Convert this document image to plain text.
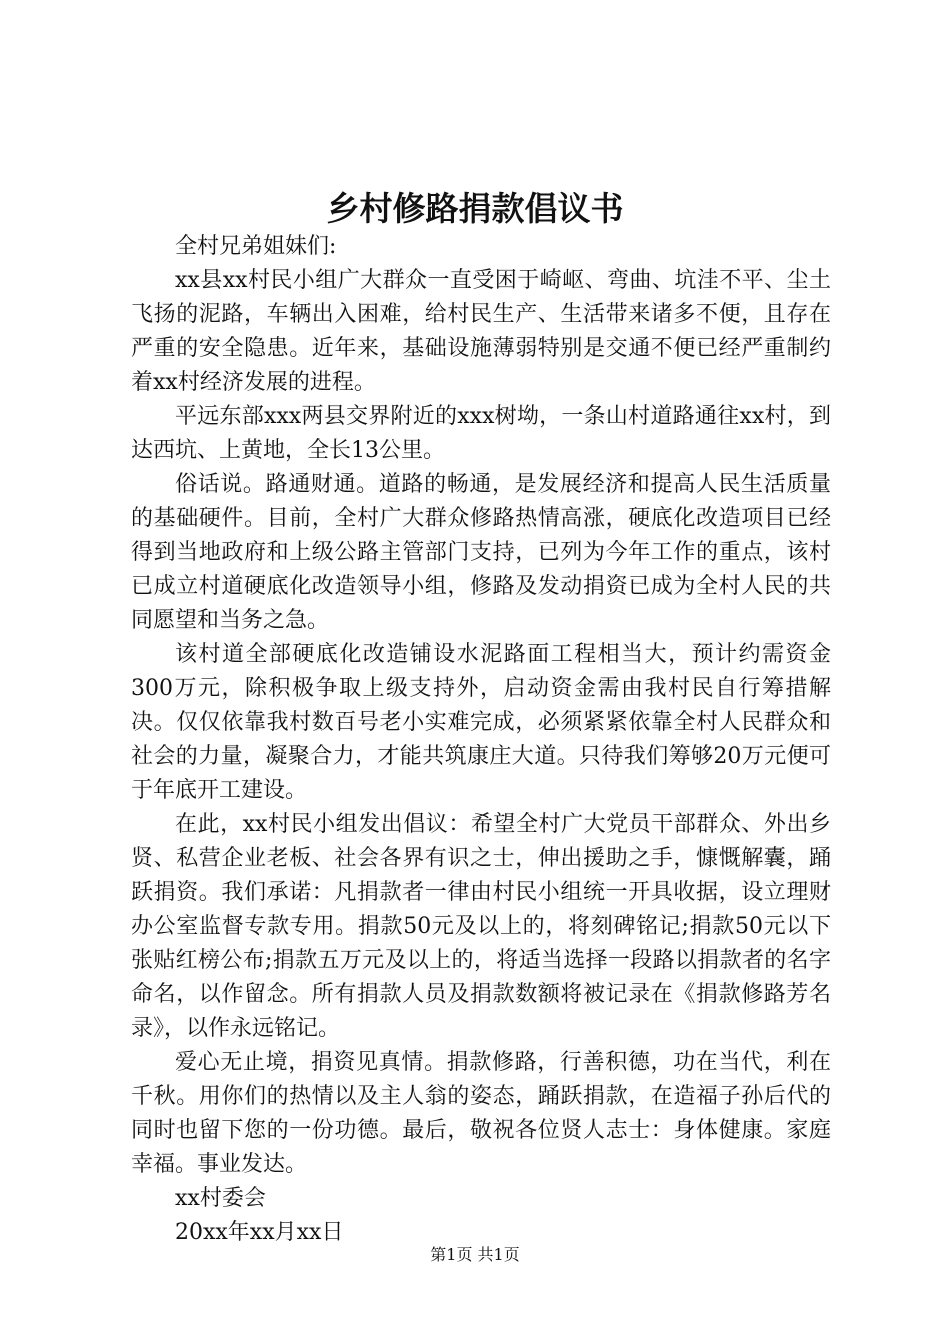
乡村修路捐款倡议书

全村兄弟姐妹们:

xx县xx村民小组广大群众一直受困于崎岖、弯曲、坑洼不平、尘土飞扬的泥路，车辆出入困难，给村民生产、生活带来诸多不便，且存在严重的安全隐患。近年来，基础设施薄弱特别是交通不便已经严重制约着xx村经济发展的进程。

平远东部xxx两县交界附近的xxx树坳，一条山村道路通往xx村，到达西坑、上黄地，全长13公里。

俗话说。路通财通。道路的畅通，是发展经济和提高人民生活质量的基础硬件。目前，全村广大群众修路热情高涨，硬底化改造项目已经得到当地政府和上级公路主管部门支持，已列为今年工作的重点，该村已成立村道硬底化改造领导小组，修路及发动捐资已成为全村人民的共同愿望和当务之急。

该村道全部硬底化改造铺设水泥路面工程相当大，预计约需资金300万元，除积极争取上级支持外，启动资金需由我村民自行筹措解决。仅仅依靠我村数百号老小实难完成，必须紧紧依靠全村人民群众和社会的力量，凝聚合力，才能共筑康庄大道。只待我们筹够20万元便可于年底开工建设。

在此，xx村民小组发出倡议：希望全村广大党员干部群众、外出乡贤、私营企业老板、社会各界有识之士，伸出援助之手，慷慨解囊，踊跃捐资。我们承诺：凡捐款者一律由村民小组统一开具收据，设立理财办公室监督专款专用。捐款50元及以上的，将刻碑铭记;捐款50元以下张贴红榜公布;捐款五万元及以上的，将适当选择一段路以捐款者的名字命名，以作留念。所有捐款人员及捐款数额将被记录在《捐款修路芳名录》，以作永远铭记。

爱心无止境，捐资见真情。捐款修路，行善积德，功在当代，利在千秋。用你们的热情以及主人翁的姿态，踊跃捐款，在造福子孙后代的同时也留下您的一份功德。最后，敬祝各位贤人志士：身体健康。家庭幸福。事业发达。

xx村委会

20xx年xx月xx日

第1页 共1页
